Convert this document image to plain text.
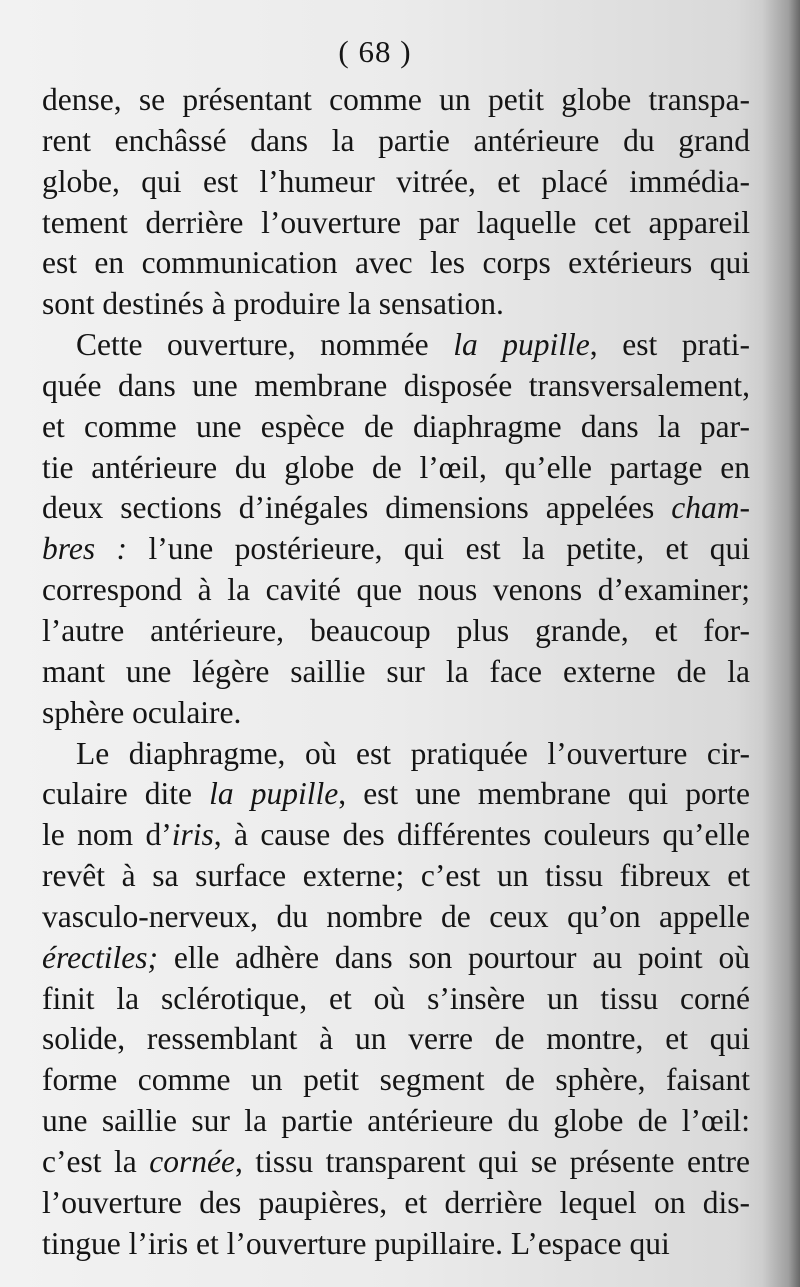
( 68 )
dense, se présentant comme un petit globe transpa-
rent enchâssé dans la partie antérieure du grand
globe, qui est l’humeur vitrée, et placé immédia-
tement derrière l’ouverture par laquelle cet appareil
est en communication avec les corps extérieurs qui
sont destinés à produire la sensation.
Cette ouverture, nommée la pupille, est prati-
quée dans une membrane disposée transversalement,
et comme une espèce de diaphragme dans la par-
tie antérieure du globe de l’œil, qu’elle partage en
deux sections d’inégales dimensions appelées cham-
bres : l’une postérieure, qui est la petite, et qui
correspond à la cavité que nous venons d’examiner;
l’autre antérieure, beaucoup plus grande, et for-
mant une légère saillie sur la face externe de la
sphère oculaire.
Le diaphragme, où est pratiquée l’ouverture cir-
culaire dite la pupille, est une membrane qui porte
le nom d’iris, à cause des différentes couleurs qu’elle
revêt à sa surface externe; c’est un tissu fibreux et
vasculo-nerveux, du nombre de ceux qu’on appelle
érectiles; elle adhère dans son pourtour au point où
finit la sclérotique, et où s’insère un tissu corné
solide, ressemblant à un verre de montre, et qui
forme comme un petit segment de sphère, faisant
une saillie sur la partie antérieure du globe de l’œil:
c’est la cornée, tissu transparent qui se présente entre
l’ouverture des paupières, et derrière lequel on dis-
tingue l’iris et l’ouverture pupillaire. L’espace qui
